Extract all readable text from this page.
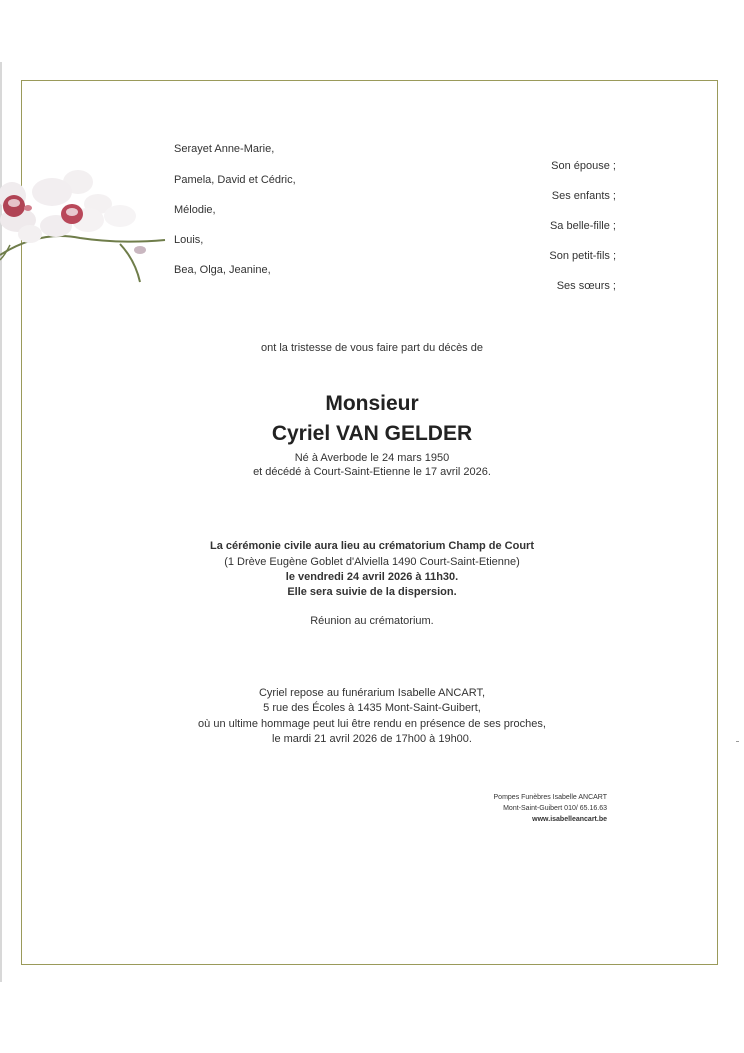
Serayet Anne-Marie,
Son épouse ;
Pamela, David et Cédric,
Ses enfants ;
Mélodie,
Sa belle-fille ;
Louis,
Son petit-fils ;
Bea, Olga, Jeanine,
Ses sœurs ;
ont la tristesse de vous faire part du décès de
Monsieur
Cyriel VAN GELDER
Né à Averbode le 24 mars 1950
et décédé à Court-Saint-Etienne le 17 avril 2026.
La cérémonie civile aura lieu au crématorium Champ de Court
(1 Drève Eugène Goblet d'Alviella 1490 Court-Saint-Etienne)
le vendredi 24 avril 2026 à 11h30.
Elle sera suivie de la dispersion.
Réunion au crématorium.
Cyriel repose au funérarium Isabelle ANCART,
5 rue des Écoles à 1435 Mont-Saint-Guibert,
où un ultime hommage peut lui être rendu en présence de ses proches,
le mardi 21 avril 2026 de 17h00 à 19h00.
Pompes Funèbres Isabelle ANCART
Mont-Saint-Guibert 010/ 65.16.63
www.isabelleancart.be
